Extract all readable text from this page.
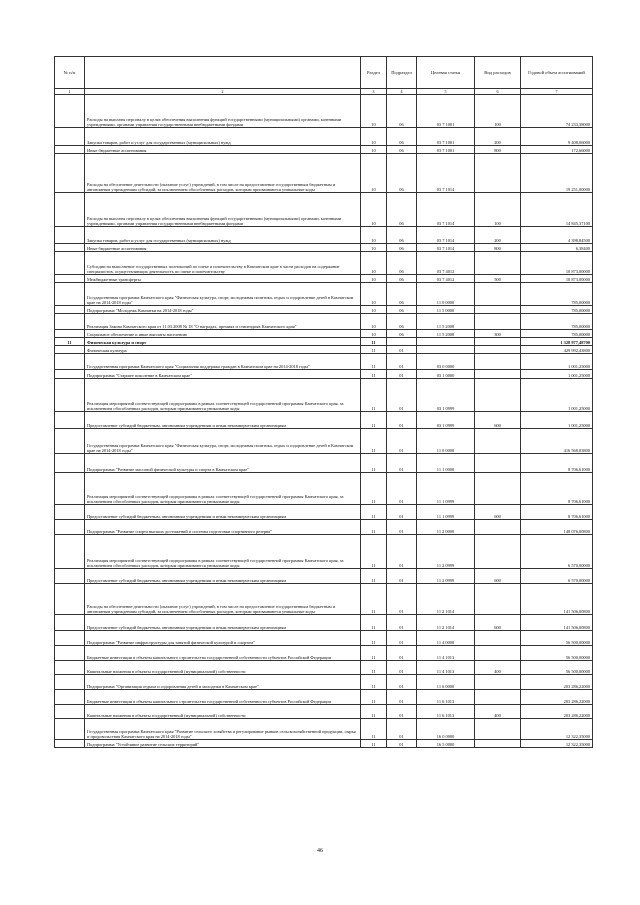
№ п/п		Раздел	Подраздел	Целевая статья	Вид расходов	Годовой объем ассигнований
1	2	3	4	5	6	7
	Расходы на выплаты персоналу в целях обеспечения выполнения функций государственными (муниципальными) органами, казенными учреждениями, органами управления государственными внебюджетными фондами	10	06	03 7 1001	100	74 233,38000
	Закупка товаров, работ и услуг для государственных (муниципальных) нужд	10	06	03 7 1001	200	9 408,06000
	Иные бюджетные ассигнования	10	06	03 7 1001	800	172,66000
	Расходы на обеспечение деятельности (оказание услуг) учреждений, в том числе на предоставление государственным бюджетным и автономным учреждениям субсидий, за исключением обособленных расходов, которым присваиваются уникальные коды	10	06	03 7 1014		19 251,00000
	Расходы на выплаты персоналу в целях обеспечения выполнения функций государственными (муниципальными) органами, казенными учреждениями, органами управления государственными внебюджетными фондами	10	06	03 7 1014	100	14 845,37100
	Закупка товаров, работ и услуг для государственных (муниципальных) нужд	10	06	03 7 1014	200	4 398,84500
	Иные бюджетные ассигнования	10	06	03 7 1014	800	6,38400
	Субсидии на выполнение государственных полномочий по опеке и попечительству в Камчатском крае в части расходов на содержание специалистов, осуществляющих деятельность по опеке и попечительству	10	06	03 7 4012		10 873,00000
	Межбюджетные трансферты	10	06	03 7 4012	500	10 873,00000
	Государственная программа Камчатского края "Физическая культура, спорт, молодежная политика, отдых и оздоровление детей в Камчатском крае на 2014-2018 годы"	10	06	11 0 0000		785,00000
	Подпрограмма "Молодежь Камчатки на 2014-2018 годы"	10	06	11 5 0000		785,00000
	Реализация Закона Камчатского края от 11.03.2008 № 18 "О наградах, премиях и стипендиях Камчатского края"	10	06	11 5 2008		785,00000
	Социальное обеспечение и иные выплаты населению	10	06	11 5 2008	300	785,00000
11	Физическая культура и спорт	11				1 328 977,48700
	Физическая культура	11	01			429 992,43800
	Государственная программа Камчатского края "Социальная поддержка граждан в Камчатском крае на 2014-2018 годы"	11	01	03 0 0000		1 001,25000
	Подпрограмма "Старшее поколение в Камчатском крае"	11	01	03 1 0000		1 001,25000
	Реализация мероприятий соответствующей подпрограммы в рамках соответствующей государственной программы Камчатского края, за исключением обособленных расходов, которым присваиваются уникальные коды	11	01	03 1 0999		1 001,25000
	Предоставление субсидий бюджетным, автономным учреждениям и иным некоммерческим организациям	11	01	03 1 0999	600	1 001,25000
	Государственная программа Камчатского края "Физическая культура, спорт, молодежная политика, отдых и оздоровление детей в Камчатском крае на 2014-2018 годы"	11	01	11 0 0000		416 568,83800
	Подпрограмма "Развитие массовой физической культуры и спорта в Камчатском крае"	11	01	11 1 0000		8 706,61000
	Реализация мероприятий соответствующей подпрограммы в рамках соответствующей государственной программы Камчатского края, за исключением обособленных расходов, которым присваиваются уникальные коды	11	01	11 1 0999		8 706,61000
	Предоставление субсидий бюджетным, автономным учреждениям и иным некоммерческим организациям	11	01	11 1 0999	600	8 706,61000
	Подпрограмма "Развитие спорта высших достижений и системы подготовки спортивного резерва"	11	01	11 2 0000		148 076,00800
	Реализация мероприятий соответствующей подпрограммы в рамках соответствующей государственной программы Камчатского края, за исключением обособленных расходов, которым присваиваются уникальные коды	11	01	11 2 0999		6 570,00000
	Предоставление субсидий бюджетным, автономным учреждениям и иным некоммерческим организациям	11	01	11 2 0999	600	6 570,00000
	Расходы на обеспечение деятельности (оказание услуг) учреждений, в том числе на предоставление государственным бюджетным и автономным учреждениям субсидий, за исключением обособленных расходов, которым присваиваются уникальные коды	11	01	11 2 1014		141 506,00800
	Предоставление субсидий бюджетным, автономным учреждениям и иным некоммерческим организациям	11	01	11 2 1014	600	141 506,00800
	Подпрограмма "Развитие инфраструктуры для занятий физической культурой и спортом"	11	01	11 4 0000		56 500,00000
	Бюджетные инвестиции в объекты капитального строительства государственной собственности субъектов Российской Федерации	11	01	11 4 1013		56 500,00000
	Капитальные вложения в объекты государственной (муниципальной) собственности	11	01	11 4 1013	400	56 500,00000
	Подпрограмма "Организация отдыха и оздоровления детей и молодежи в Камчатском крае"	11	01	11 6 0000		203 286,22000
	Бюджетные инвестиции в объекты капитального строительства государственной собственности субъектов Российской Федерации	11	01	11 6 1013		203 286,22000
	Капитальные вложения в объекты государственной (муниципальной) собственности	11	01	11 6 1013	400	203 286,22000
	Государственная программа Камчатского края "Развитие сельского хозяйства и регулирование рынков сельскохозяйственной продукции, сырья и продовольствия Камчатского края на 2014-2018 годы"	11	01	16 0 0000		12 322,35000
	Подпрограмма "Устойчивое развитие сельских территорий"	11	01	16 5 0000		12 322,35000
46
